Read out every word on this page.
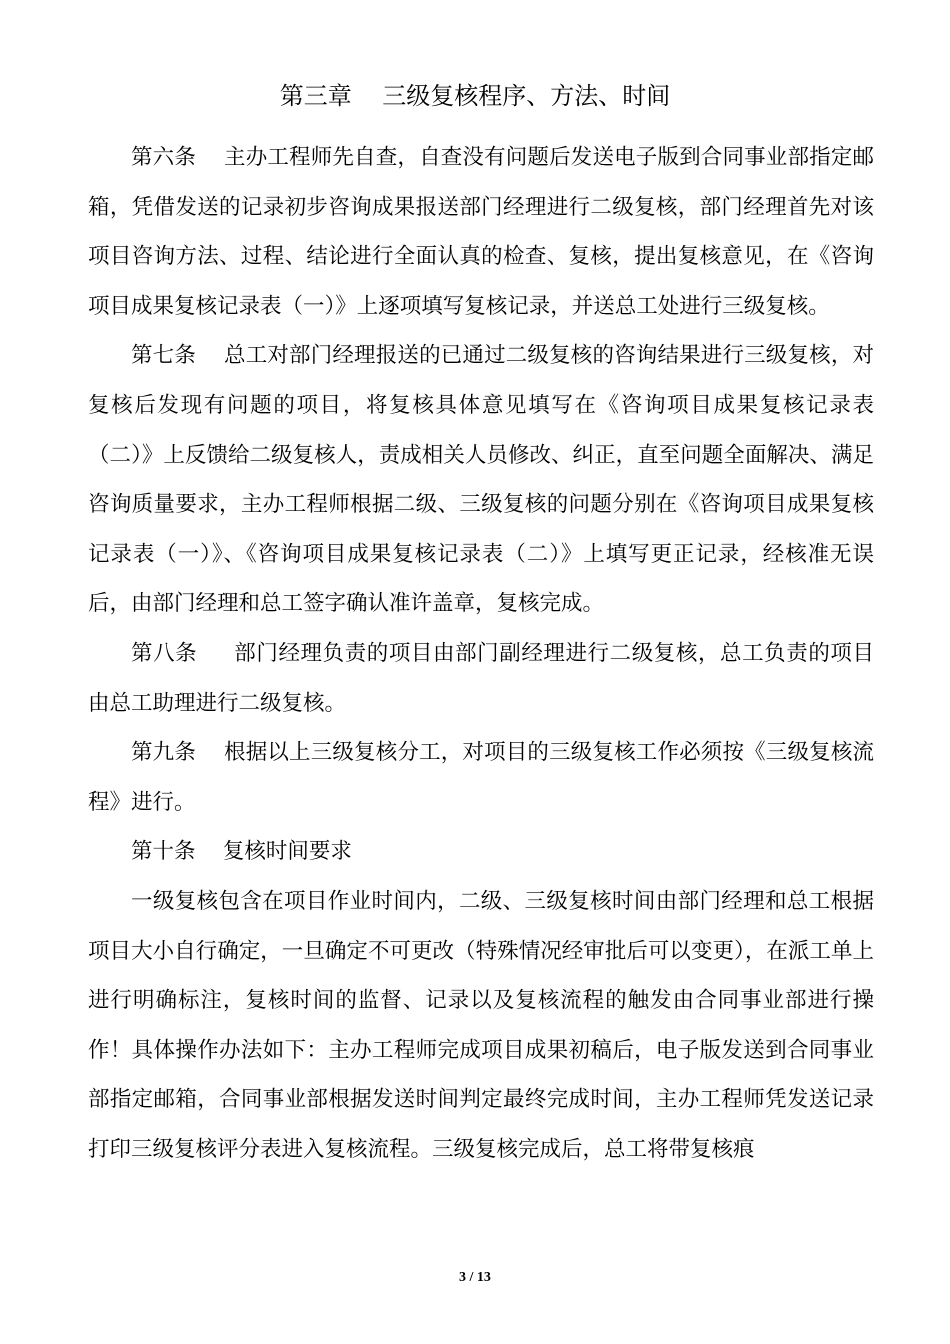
第三章    三级复核程序、方法、时间

第六条    主办工程师先自查，自查没有问题后发送电子版到合同事业部指定邮箱，凭借发送的记录初步咨询成果报送部门经理进行二级复核，部门经理首先对该项目咨询方法、过程、结论进行全面认真的检查、复核，提出复核意见，在《咨询项目成果复核记录表（一）》上逐项填写复核记录，并送总工处进行三级复核。

第七条    总工对部门经理报送的已通过二级复核的咨询结果进行三级复核，对复核后发现有问题的项目，将复核具体意见填写在《咨询项目成果复核记录表（二）》上反馈给二级复核人，责成相关人员修改、纠正，直至问题全面解决、满足咨询质量要求，主办工程师根据二级、三级复核的问题分别在《咨询项目成果复核记录表（一）》、《咨询项目成果复核记录表（二）》上填写更正记录，经核准无误后，由部门经理和总工签字确认准许盖章，复核完成。

第八条     部门经理负责的项目由部门副经理进行二级复核，总工负责的项目由总工助理进行二级复核。

第九条    根据以上三级复核分工，对项目的三级复核工作必须按《三级复核流程》进行。

第十条    复核时间要求

一级复核包含在项目作业时间内，二级、三级复核时间由部门经理和总工根据项目大小自行确定，一旦确定不可更改（特殊情况经审批后可以变更），在派工单上进行明确标注，复核时间的监督、记录以及复核流程的触发由合同事业部进行操作！具体操作办法如下：主办工程师完成项目成果初稿后，电子版发送到合同事业部指定邮箱，合同事业部根据发送时间判定最终完成时间，主办工程师凭发送记录打印三级复核评分表进入复核流程。三级复核完成后，总工将带复核痕

3 / 13
